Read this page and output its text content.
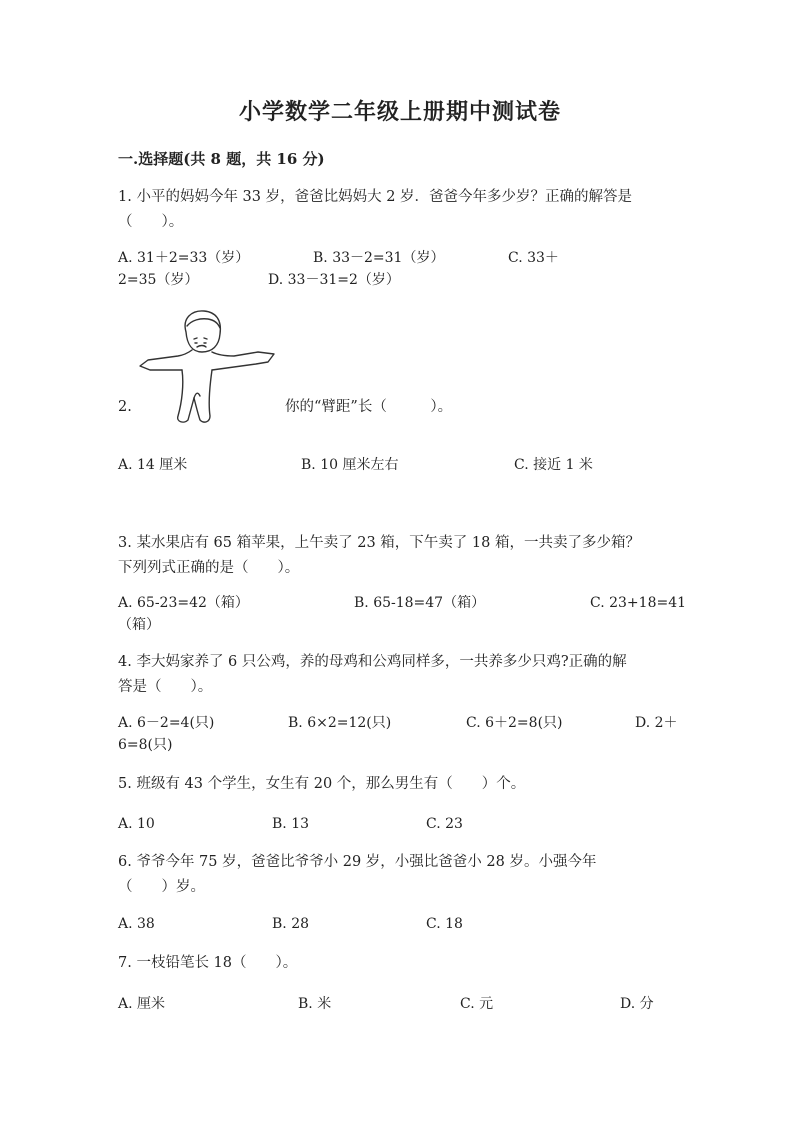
小学数学二年级上册期中测试卷
一.选择题(共 8 题，共 16 分)
1. 小平的妈妈今年 33 岁，爸爸比妈妈大 2 岁．爸爸今年多少岁？正确的解答是
（　　）。
A. 31＋2=33（岁）	B. 33－2=31（岁）	C. 33＋
2=35（岁）	D. 33－31=2（岁）
2.	你的“臂距”长（　　　）。
A. 14 厘米	B. 10 厘米左右	C. 接近 1 米
3. 某水果店有 65 箱苹果，上午卖了 23 箱，下午卖了 18 箱，一共卖了多少箱？
下列列式正确的是（　　）。
A. 65-23=42（箱）	B. 65-18=47（箱）	C. 23+18=41
（箱）
4. 李大妈家养了 6 只公鸡，养的母鸡和公鸡同样多，一共养多少只鸡?正确的解
答是（　　）。
A. 6－2=4(只)	B. 6×2=12(只)	C. 6＋2=8(只)	D. 2＋
6=8(只)
5. 班级有 43 个学生，女生有 20 个，那么男生有（　　）个。
A. 10	B. 13	C. 23
6. 爷爷今年 75 岁，爸爸比爷爷小 29 岁，小强比爸爸小 28 岁。小强今年
（　　）岁。
A. 38	B. 28	C. 18
7. 一枝铅笔长 18（　　）。
A. 厘米	B. 米	C. 元	D. 分
